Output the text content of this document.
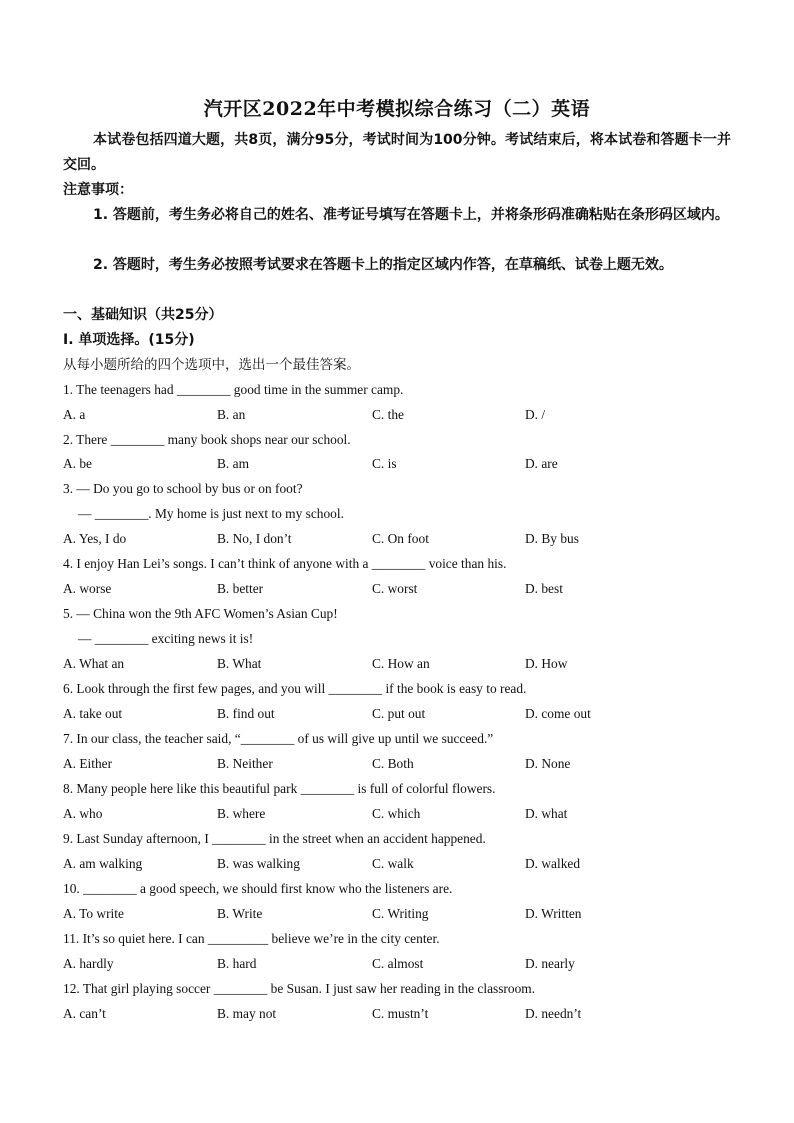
汽开区2022年中考模拟综合练习（二）英语
本试卷包括四道大题，共8页，满分95分，考试时间为100分钟。考试结束后，将本试卷和答题卡一并交回。
注意事项：
1. 答题前，考生务必将自己的姓名、准考证号填写在答题卡上，并将条形码准确粘贴在条形码区域内。
2. 答题时，考生务必按照考试要求在答题卡上的指定区域内作答，在草稿纸、试卷上题无效。
一、基础知识（共25分）
Ⅰ. 单项选择。(15分)
从每小题所给的四个选项中，选出一个最佳答案。
1. The teenagers had ________ good time in the summer camp.
A. a	B. an	C. the	D. /
2. There ________ many book shops near our school.
A. be	B. am	C. is	D. are
3. — Do you go to school by bus or on foot?
— ________. My home is just next to my school.
A. Yes, I do	B. No, I don’t	C. On foot	D. By bus
4. I enjoy Han Lei’s songs. I can’t think of anyone with a ________ voice than his.
A. worse	B. better	C. worst	D. best
5. — China won the 9th AFC Women’s Asian Cup!
— ________ exciting news it is!
A. What an	B. What	C. How an	D. How
6. Look through the first few pages, and you will ________ if the book is easy to read.
A. take out	B. find out	C. put out	D. come out
7. In our class, the teacher said, “________ of us will give up until we succeed.”
A. Either	B. Neither	C. Both	D. None
8. Many people here like this beautiful park ________ is full of colorful flowers.
A. who	B. where	C. which	D. what
9. Last Sunday afternoon, I ________ in the street when an accident happened.
A. am walking	B. was walking	C. walk	D. walked
10. ________ a good speech, we should first know who the listeners are.
A. To write	B. Write	C. Writing	D. Written
11. It’s so quiet here. I can _________ believe we’re in the city center.
A. hardly	B. hard	C. almost	D. nearly
12. That girl playing soccer ________ be Susan. I just saw her reading in the classroom.
A. can’t	B. may not	C. mustn’t	D. needn’t
